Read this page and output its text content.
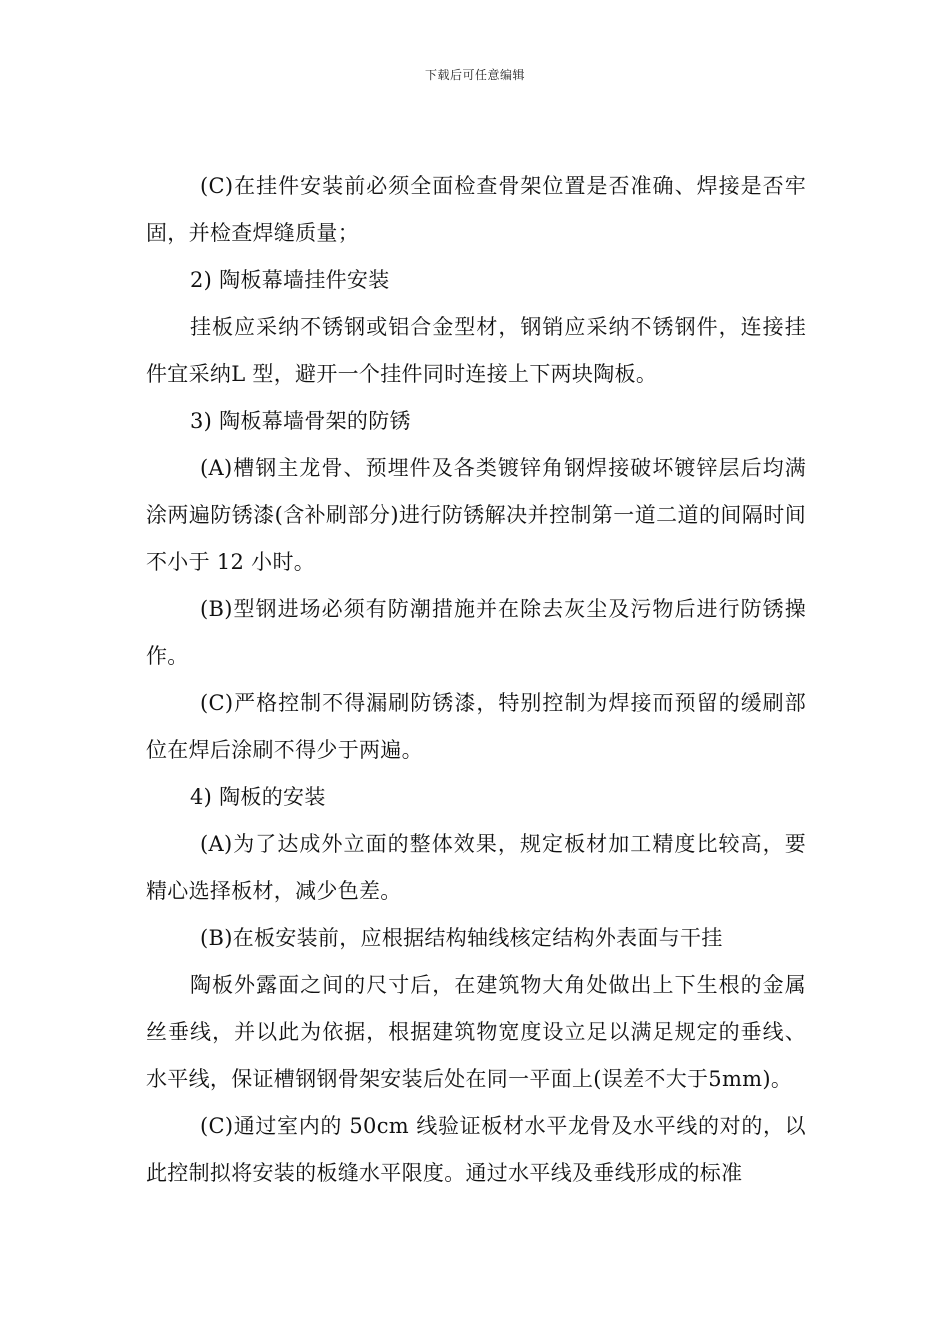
下载后可任意编辑

(C)在挂件安装前必须全面检查骨架位置是否准确、焊接是否牢固，并检查焊缝质量；

2) 陶板幕墙挂件安装

挂板应采纳不锈钢或铝合金型材，钢销应采纳不锈钢件，连接挂件宜采纳L 型，避开一个挂件同时连接上下两块陶板。

3) 陶板幕墙骨架的防锈

(A)槽钢主龙骨、预埋件及各类镀锌角钢焊接破坏镀锌层后均满涂两遍防锈漆(含补刷部分)进行防锈解决并控制第一道二道的间隔时间不小于 12 小时。

(B)型钢进场必须有防潮措施并在除去灰尘及污物后进行防锈操作。

(C)严格控制不得漏刷防锈漆，特别控制为焊接而预留的缓刷部位在焊后涂刷不得少于两遍。

4) 陶板的安装

(A)为了达成外立面的整体效果，规定板材加工精度比较高，要精心选择板材，减少色差。

(B)在板安装前，应根据结构轴线核定结构外表面与干挂

陶板外露面之间的尺寸后，在建筑物大角处做出上下生根的金属丝垂线，并以此为依据，根据建筑物宽度设立足以满足规定的垂线、水平线，保证槽钢钢骨架安装后处在同一平面上(误差不大于5mm)。

(C)通过室内的 50cm 线验证板材水平龙骨及水平线的对的，以此控制拟将安装的板缝水平限度。通过水平线及垂线形成的标准
